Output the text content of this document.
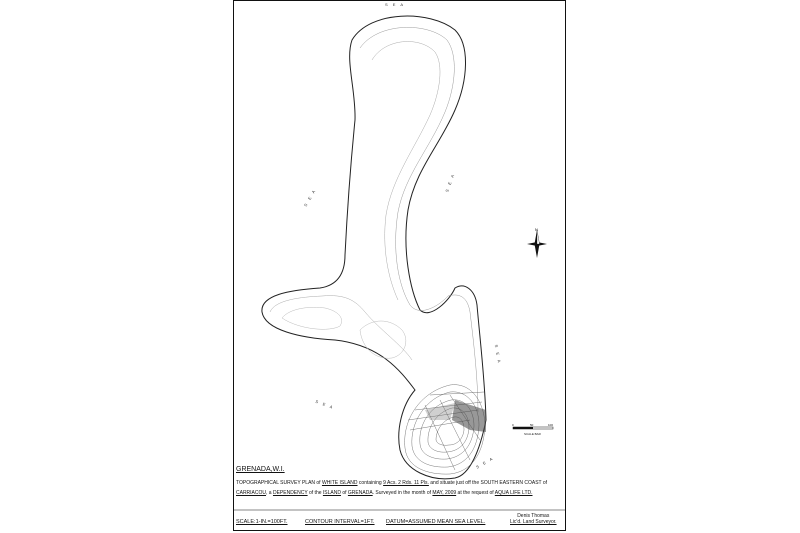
S E A
S E A
S E A
S E A
S E A
S E A
N
0	50	100
SCALE BAR
GRENADA,W.I.
TOPOGRAPHICAL SURVEY PLAN of WHITE ISLAND containing 9 Acs. 2 Rds. 11 Pls. and situate just off the SOUTH EASTERN COAST of CARRIACOU, a DEPENDENCY of the ISLAND of GRENADA. Surveyed in the month of MAY, 2009 at the request of AQUA LIFE LTD.
SCALE:1-IN.=100FT.	CONTOUR INTERVAL=1FT. DATUM=ASSUMED MEAN SEA LEVEL.
Denis Thomas
Lic'd. Land Surveyor.
